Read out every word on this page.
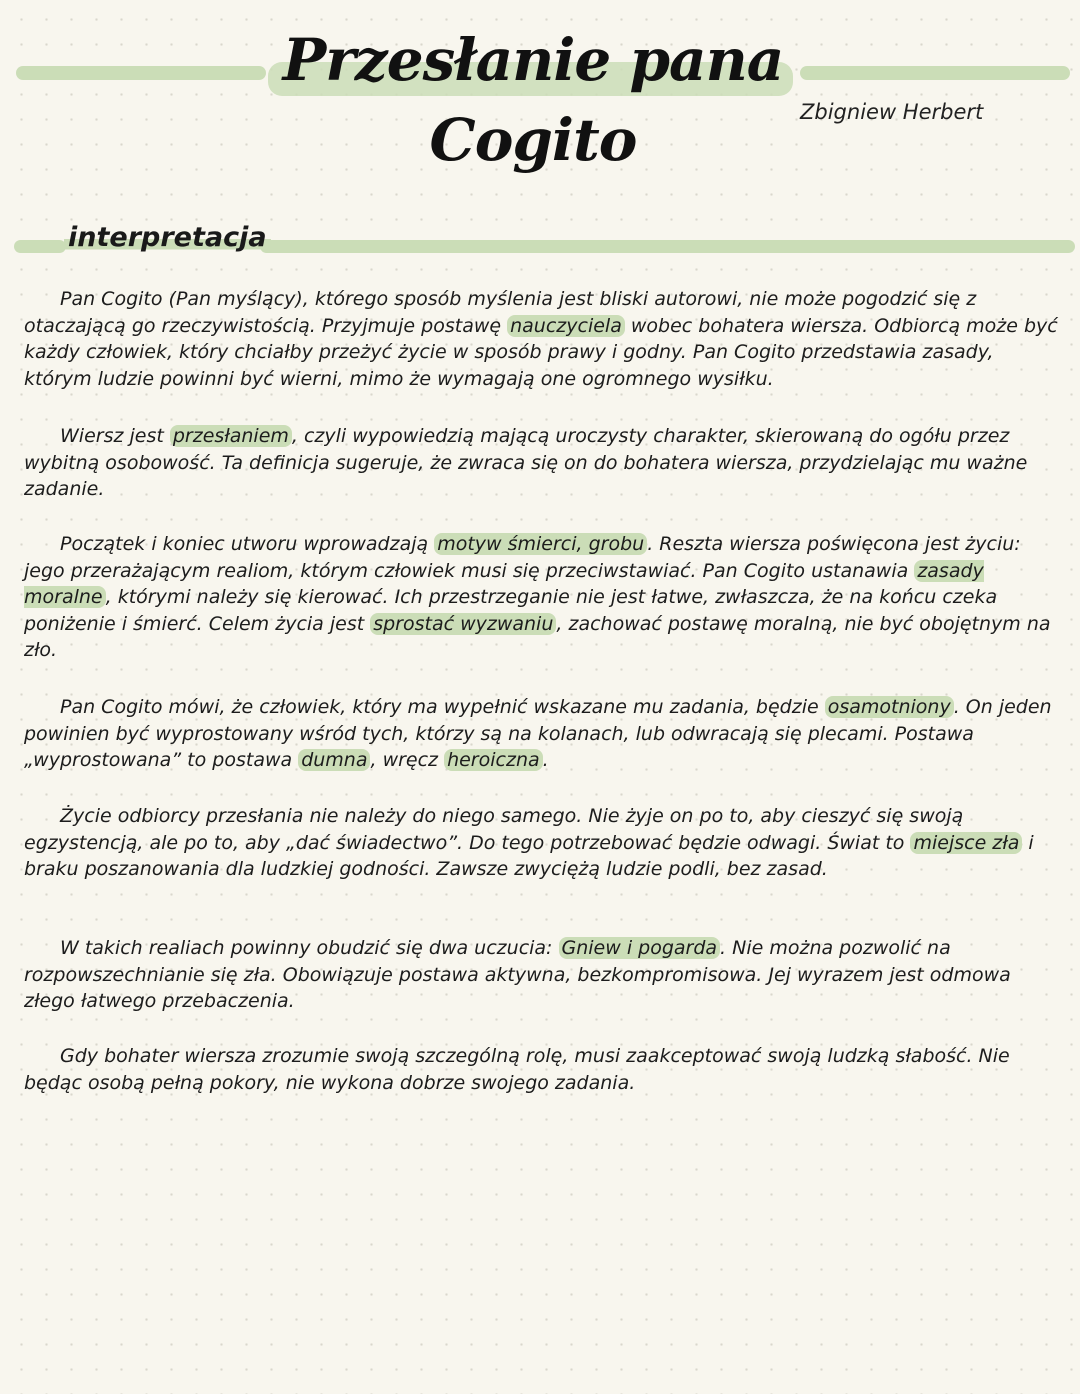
Przesłanie pana Cogito	Zbigniew Herbert

interpretacja

Pan Cogito (Pan myślący), którego sposób myślenia jest bliski autorowi, nie może pogodzić się z otaczającą go rzeczywistością. Przyjmuje postawę nauczyciela wobec bohatera wiersza. Odbiorcą może być każdy człowiek, który chciałby przeżyć życie w sposób prawy i godny. Pan Cogito przedstawia zasady, którym ludzie powinni być wierni, mimo że wymagają one ogromnego wysiłku.

Wiersz jest przesłaniem , czyli wypowiedzią mającą uroczysty charakter, skierowaną do ogółu przez wybitną osobowość. Ta definicja sugeruje, że zwraca się on do bohatera wiersza, przydzielając mu ważne zadanie.

Początek i koniec utworu wprowadzają motyw śmierci, grobu . Reszta wiersza poświęcona jest życiu: jego przerażającym realiom, którym człowiek musi się przeciwstawiać. Pan Cogito ustanawia zasady moralne , którymi należy się kierować. Ich przestrzeganie nie jest łatwe, zwłaszcza, że na końcu czeka poniżenie i śmierć. Celem życia jest sprostać wyzwaniu , zachować postawę moralną, nie być obojętnym na zło.

Pan Cogito mówi, że człowiek, który ma wypełnić wskazane mu zadania, będzie osamotniony . On jeden powinien być wyprostowany wśród tych, którzy są na kolanach, lub odwracają się plecami. Postawa „wyprostowana” to postawa dumna , wręcz heroiczna .

Życie odbiorcy przesłania nie należy do niego samego. Nie żyje on po to, aby cieszyć się swoją egzystencją, ale po to, aby „dać świadectwo”. Do tego potrzebować będzie odwagi. Świat to miejsce zła i braku poszanowania dla ludzkiej godności. Zawsze zwyciężą ludzie podli, bez zasad.

W takich realiach powinny obudzić się dwa uczucia: Gniew i pogarda . Nie można pozwolić na rozpowszechnianie się zła. Obowiązuje postawa aktywna, bezkompromisowa. Jej wyrazem jest odmowa złego łatwego przebaczenia.

Gdy bohater wiersza zrozumie swoją szczególną rolę, musi zaakceptować swoją ludzką słabość. Nie będąc osobą pełną pokory, nie wykona dobrze swojego zadania.
